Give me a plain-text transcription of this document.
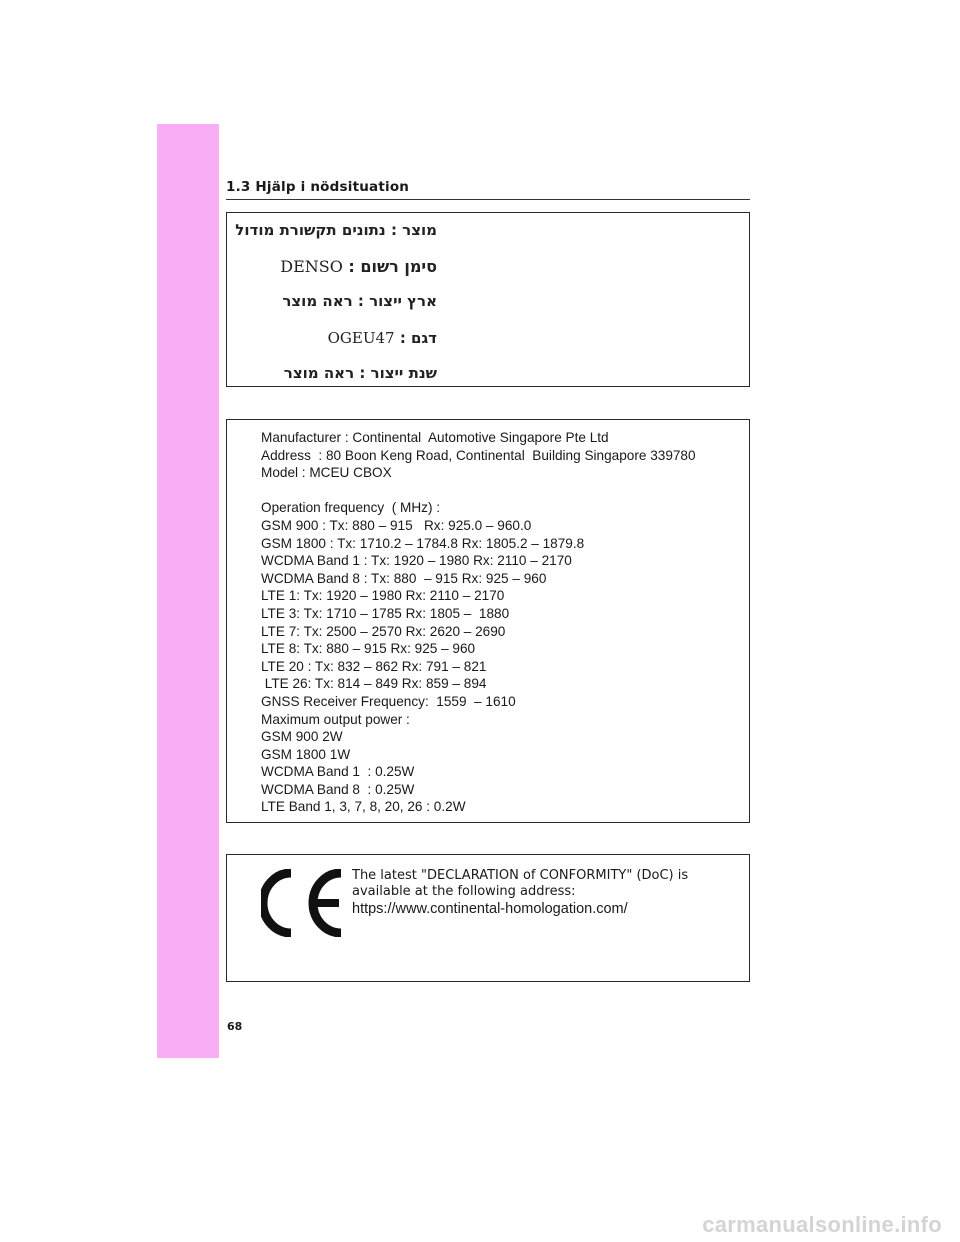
1.3 Hjälp i nödsituation
מוצר : נתונים תקשורת מודול
סימן רשום : DENSO
ארץ ייצור : ראה מוצר
דגם : OGEU47
שנת ייצור : ראה מוצר
Manufacturer : Continental  Automotive Singapore Pte Ltd
Address  : 80 Boon Keng Road, Continental  Building Singapore 339780
Model : MCEU CBOX
Operation frequency  ( MHz) :
GSM 900 : Tx: 880 – 915   Rx: 925.0 – 960.0
GSM 1800 : Tx: 1710.2 – 1784.8 Rx: 1805.2 – 1879.8
WCDMA Band 1 : Tx: 1920 – 1980 Rx: 2110 – 2170
WCDMA Band 8 : Tx: 880  – 915 Rx: 925 – 960
LTE 1: Tx: 1920 – 1980 Rx: 2110 – 2170
LTE 3: Tx: 1710 – 1785 Rx: 1805 –  1880
LTE 7: Tx: 2500 – 2570 Rx: 2620 – 2690
LTE 8: Tx: 880 – 915 Rx: 925 – 960
LTE 20 : Tx: 832 – 862 Rx: 791 – 821
LTE 26: Tx: 814 – 849 Rx: 859 – 894
GNSS Receiver Frequency:  1559  – 1610
Maximum output power :
GSM 900 2W
GSM 1800 1W
WCDMA Band 1  : 0.25W
WCDMA Band 8  : 0.25W
LTE Band 1, 3, 7, 8, 20, 26 : 0.2W
The latest "DECLARATION of CONFORMITY" (DoC) is
available at the following address:
https://www.continental-homologation.com/
68
carmanualsonline.info
